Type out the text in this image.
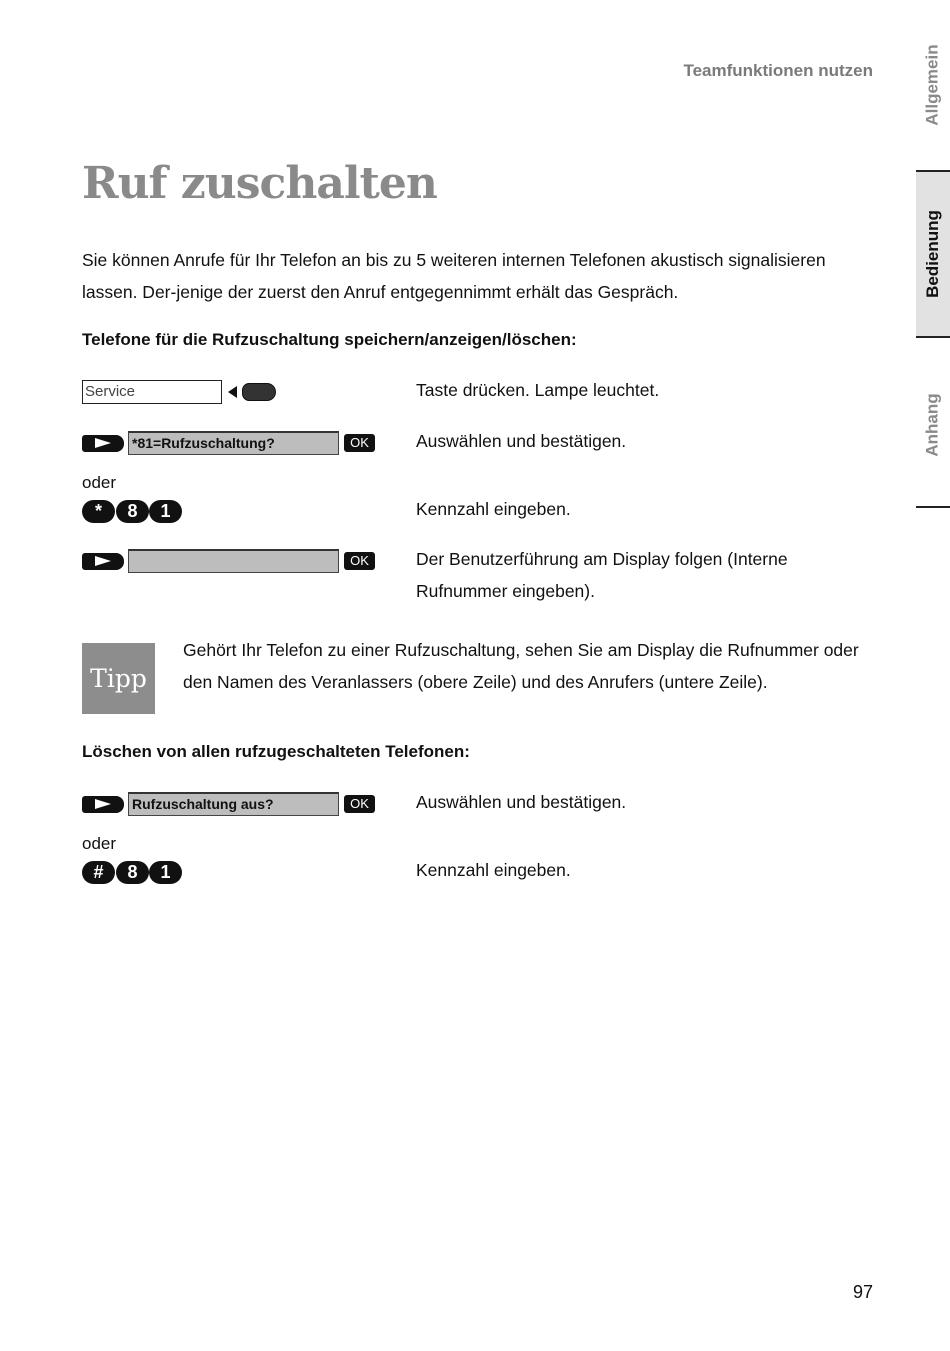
Teamfunktionen nutzen	Allgemein
Bedienung
Anhang
Ruf zuschalten

Sie können Anrufe für Ihr Telefon an bis zu 5 weiteren internen Telefonen akustisch signalisieren lassen. Der-jenige der zuerst den Anruf entgegennimmt erhält das Gespräch.

Telefone für die Rufzuschaltung speichern/anzeigen/löschen:
Service	Taste drücken. Lampe leuchtet.
*81=Rufzuschaltung?	OK	Auswählen und bestätigen.
oder
*	8	1	Kennzahl eingeben.
OK	Der Benutzerführung am Display folgen (Interne Rufnummer eingeben).
Tipp

Gehört Ihr Telefon zu einer Rufzuschaltung, sehen Sie am Display die Rufnummer oder den Namen des Veranlassers (obere Zeile) und des Anrufers (untere Zeile).

Löschen von allen rufzugeschalteten Telefonen:
Rufzuschaltung aus?	OK	Auswählen und bestätigen.
oder
#	8	1	Kennzahl eingeben.
97
